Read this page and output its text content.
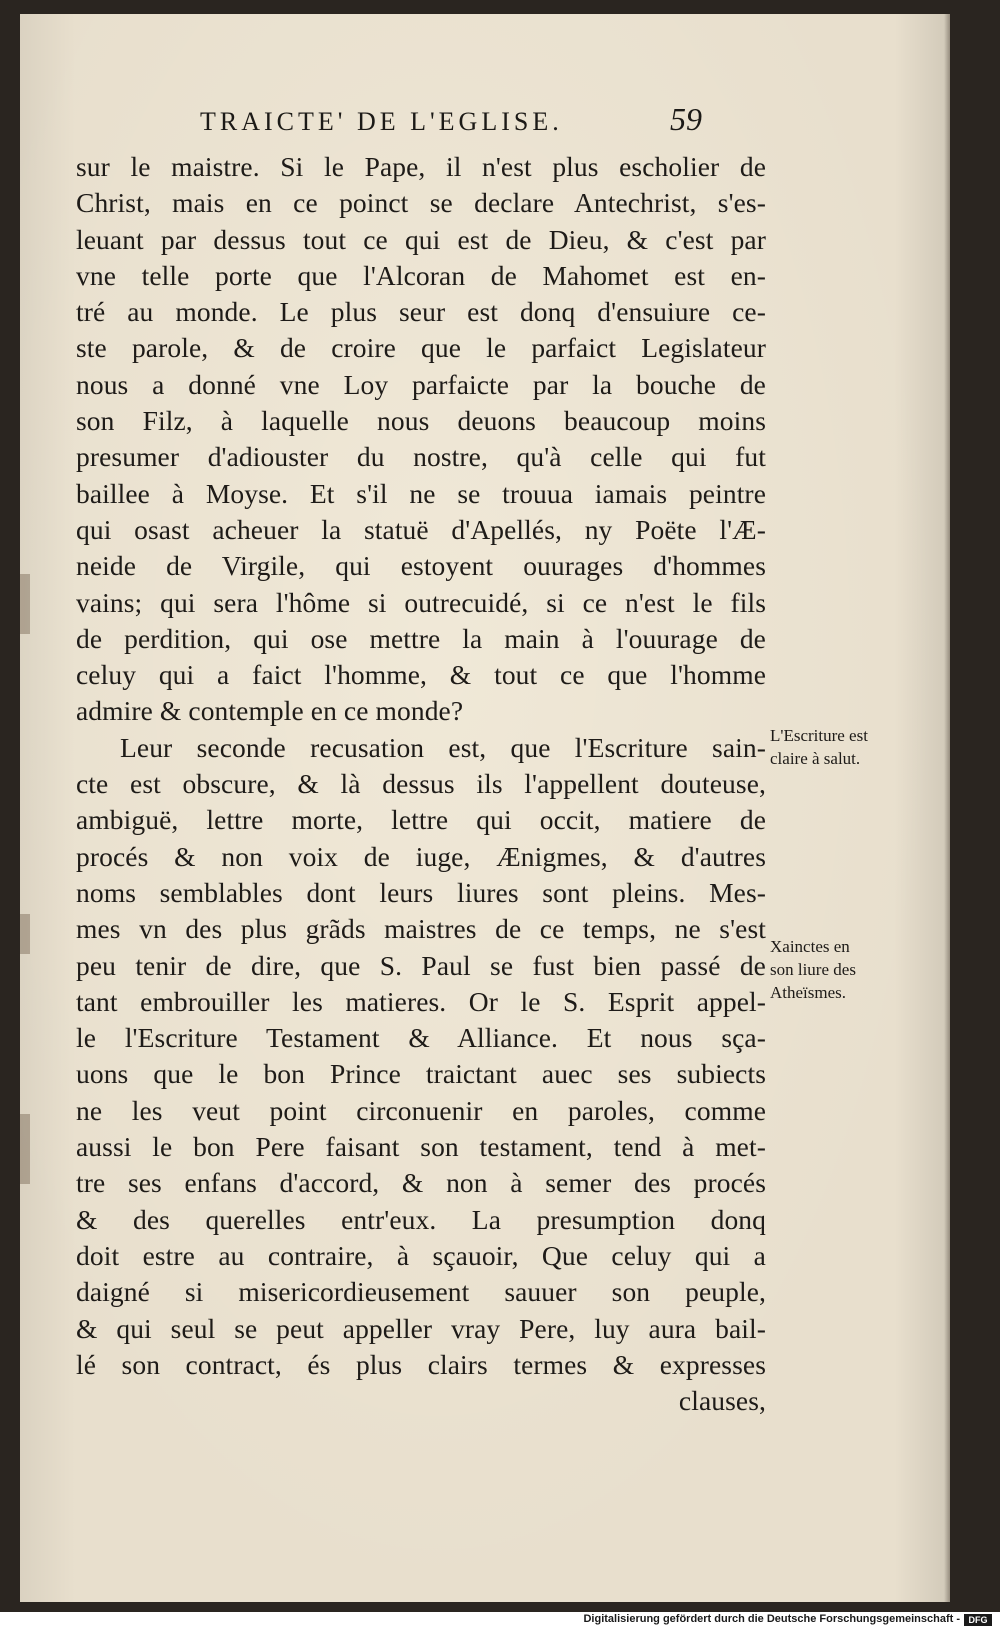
TRAICTE' DE L'EGLISE.	59
sur le maistre. Si le Pape, il n'est plus escholier de
Christ, mais en ce poinct se declare Antechrist, s'es-
leuant par dessus tout ce qui est de Dieu, & c'est par
vne telle porte que l'Alcoran de Mahomet est en-
tré au monde. Le plus seur est donq d'ensuiure ce-
ste parole, & de croire que le parfaict Legislateur
nous a donné vne Loy parfaicte par la bouche de
son Filz, à laquelle nous deuons beaucoup moins
presumer d'adiouster du nostre, qu'à celle qui fut
baillee à Moyse. Et s'il ne se trouua iamais peintre
qui osast acheuer la statuë d'Apellés, ny Poëte l'Æ-
neide de Virgile, qui estoyent ouurages d'hommes
vains; qui sera l'hôme si outrecuidé, si ce n'est le fils
de perdition, qui ose mettre la main à l'ouurage de
celuy qui a faict l'homme, & tout ce que l'homme
admire & contemple en ce monde?
Leur seconde recusation est, que l'Escriture sain-
cte est obscure, & là dessus ils l'appellent douteuse,
ambiguë, lettre morte, lettre qui occit, matiere de
procés & non voix de iuge, Ænigmes, & d'autres
noms semblables dont leurs liures sont pleins. Mes-
mes vn des plus grãds maistres de ce temps, ne s'est
peu tenir de dire, que S. Paul se fust bien passé de
tant embrouiller les matieres. Or le S. Esprit appel-
le l'Escriture Testament & Alliance. Et nous sça-
uons que le bon Prince traictant auec ses subiects
ne les veut point circonuenir en paroles, comme
aussi le bon Pere faisant son testament, tend à met-
tre ses enfans d'accord, & non à semer des procés
& des querelles entr'eux. La presumption donq
doit estre au contraire, à sçauoir, Que celuy qui a
daigné si misericordieusement sauuer son peuple,
& qui seul se peut appeller vray Pere, luy aura bail-
lé son contract, és plus clairs termes & expresses
clauses,
L'Escriture est
claire à salut.
Xainctes en
son liure des
Atheïsmes.
Digitalisierung gefördert durch die Deutsche Forschungsgemeinschaft - DFG
